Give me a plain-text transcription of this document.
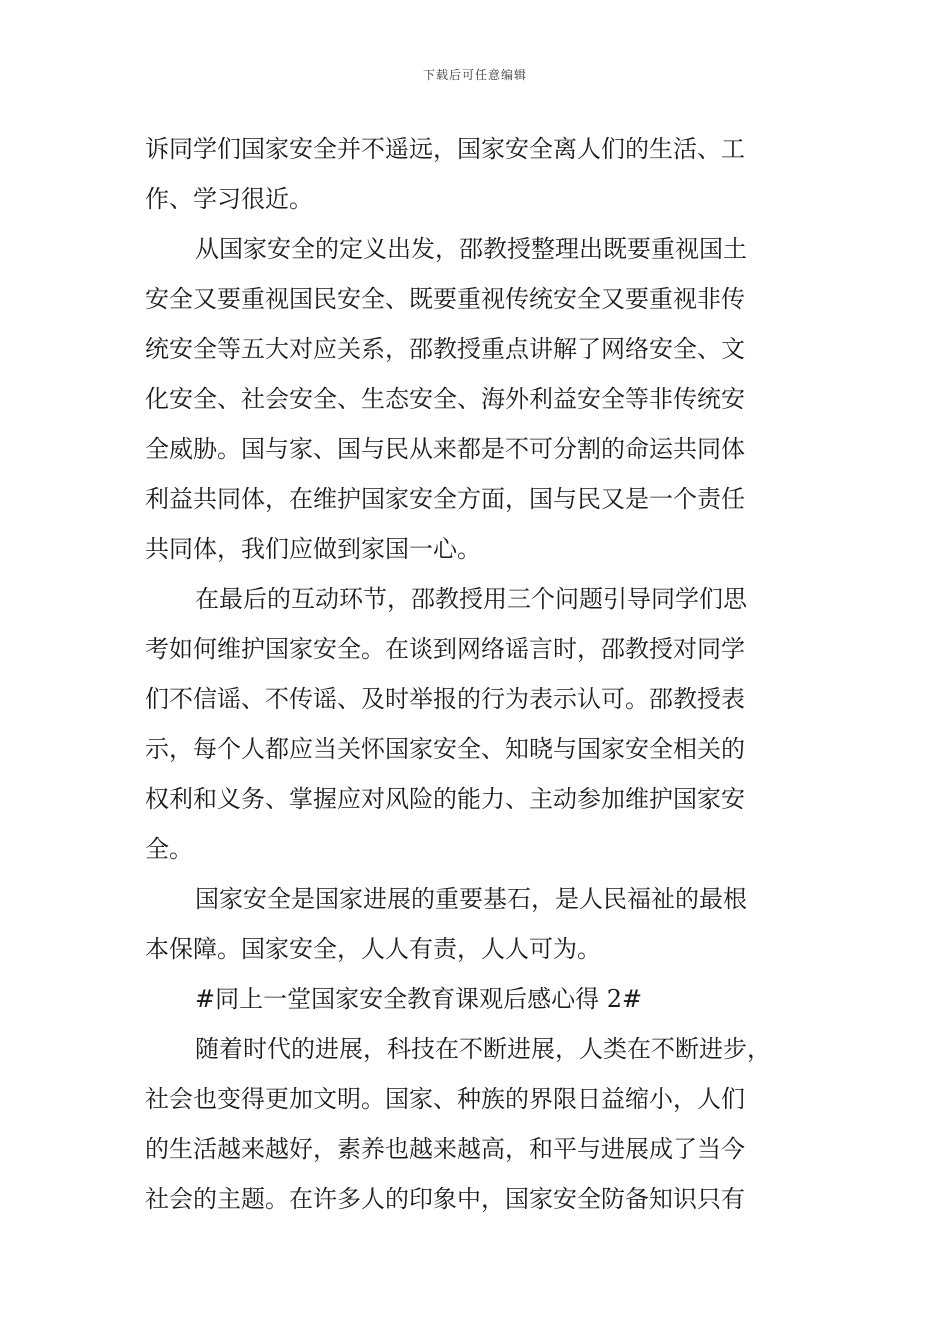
下载后可任意编辑
诉同学们国家安全并不遥远，国家安全离人们的生活、工
作、学习很近。
从国家安全的定义出发，邵教授整理出既要重视国土
安全又要重视国民安全、既要重视传统安全又要重视非传
统安全等五大对应关系，邵教授重点讲解了网络安全、文
化安全、社会安全、生态安全、海外利益安全等非传统安
全威胁。国与家、国与民从来都是不可分割的命运共同体
利益共同体，在维护国家安全方面，国与民又是一个责任
共同体，我们应做到家国一心。
在最后的互动环节，邵教授用三个问题引导同学们思
考如何维护国家安全。在谈到网络谣言时，邵教授对同学
们不信谣、不传谣、及时举报的行为表示认可。邵教授表
示，每个人都应当关怀国家安全、知晓与国家安全相关的
权利和义务、掌握应对风险的能力、主动参加维护国家安
全。
国家安全是国家进展的重要基石，是人民福祉的最根
本保障。国家安全，人人有责，人人可为。
#同上一堂国家安全教育课观后感心得 2#
随着时代的进展，科技在不断进展，人类在不断进步，
社会也变得更加文明。国家、种族的界限日益缩小，人们
的生活越来越好，素养也越来越高，和平与进展成了当今
社会的主题。在许多人的印象中，国家安全防备知识只有
